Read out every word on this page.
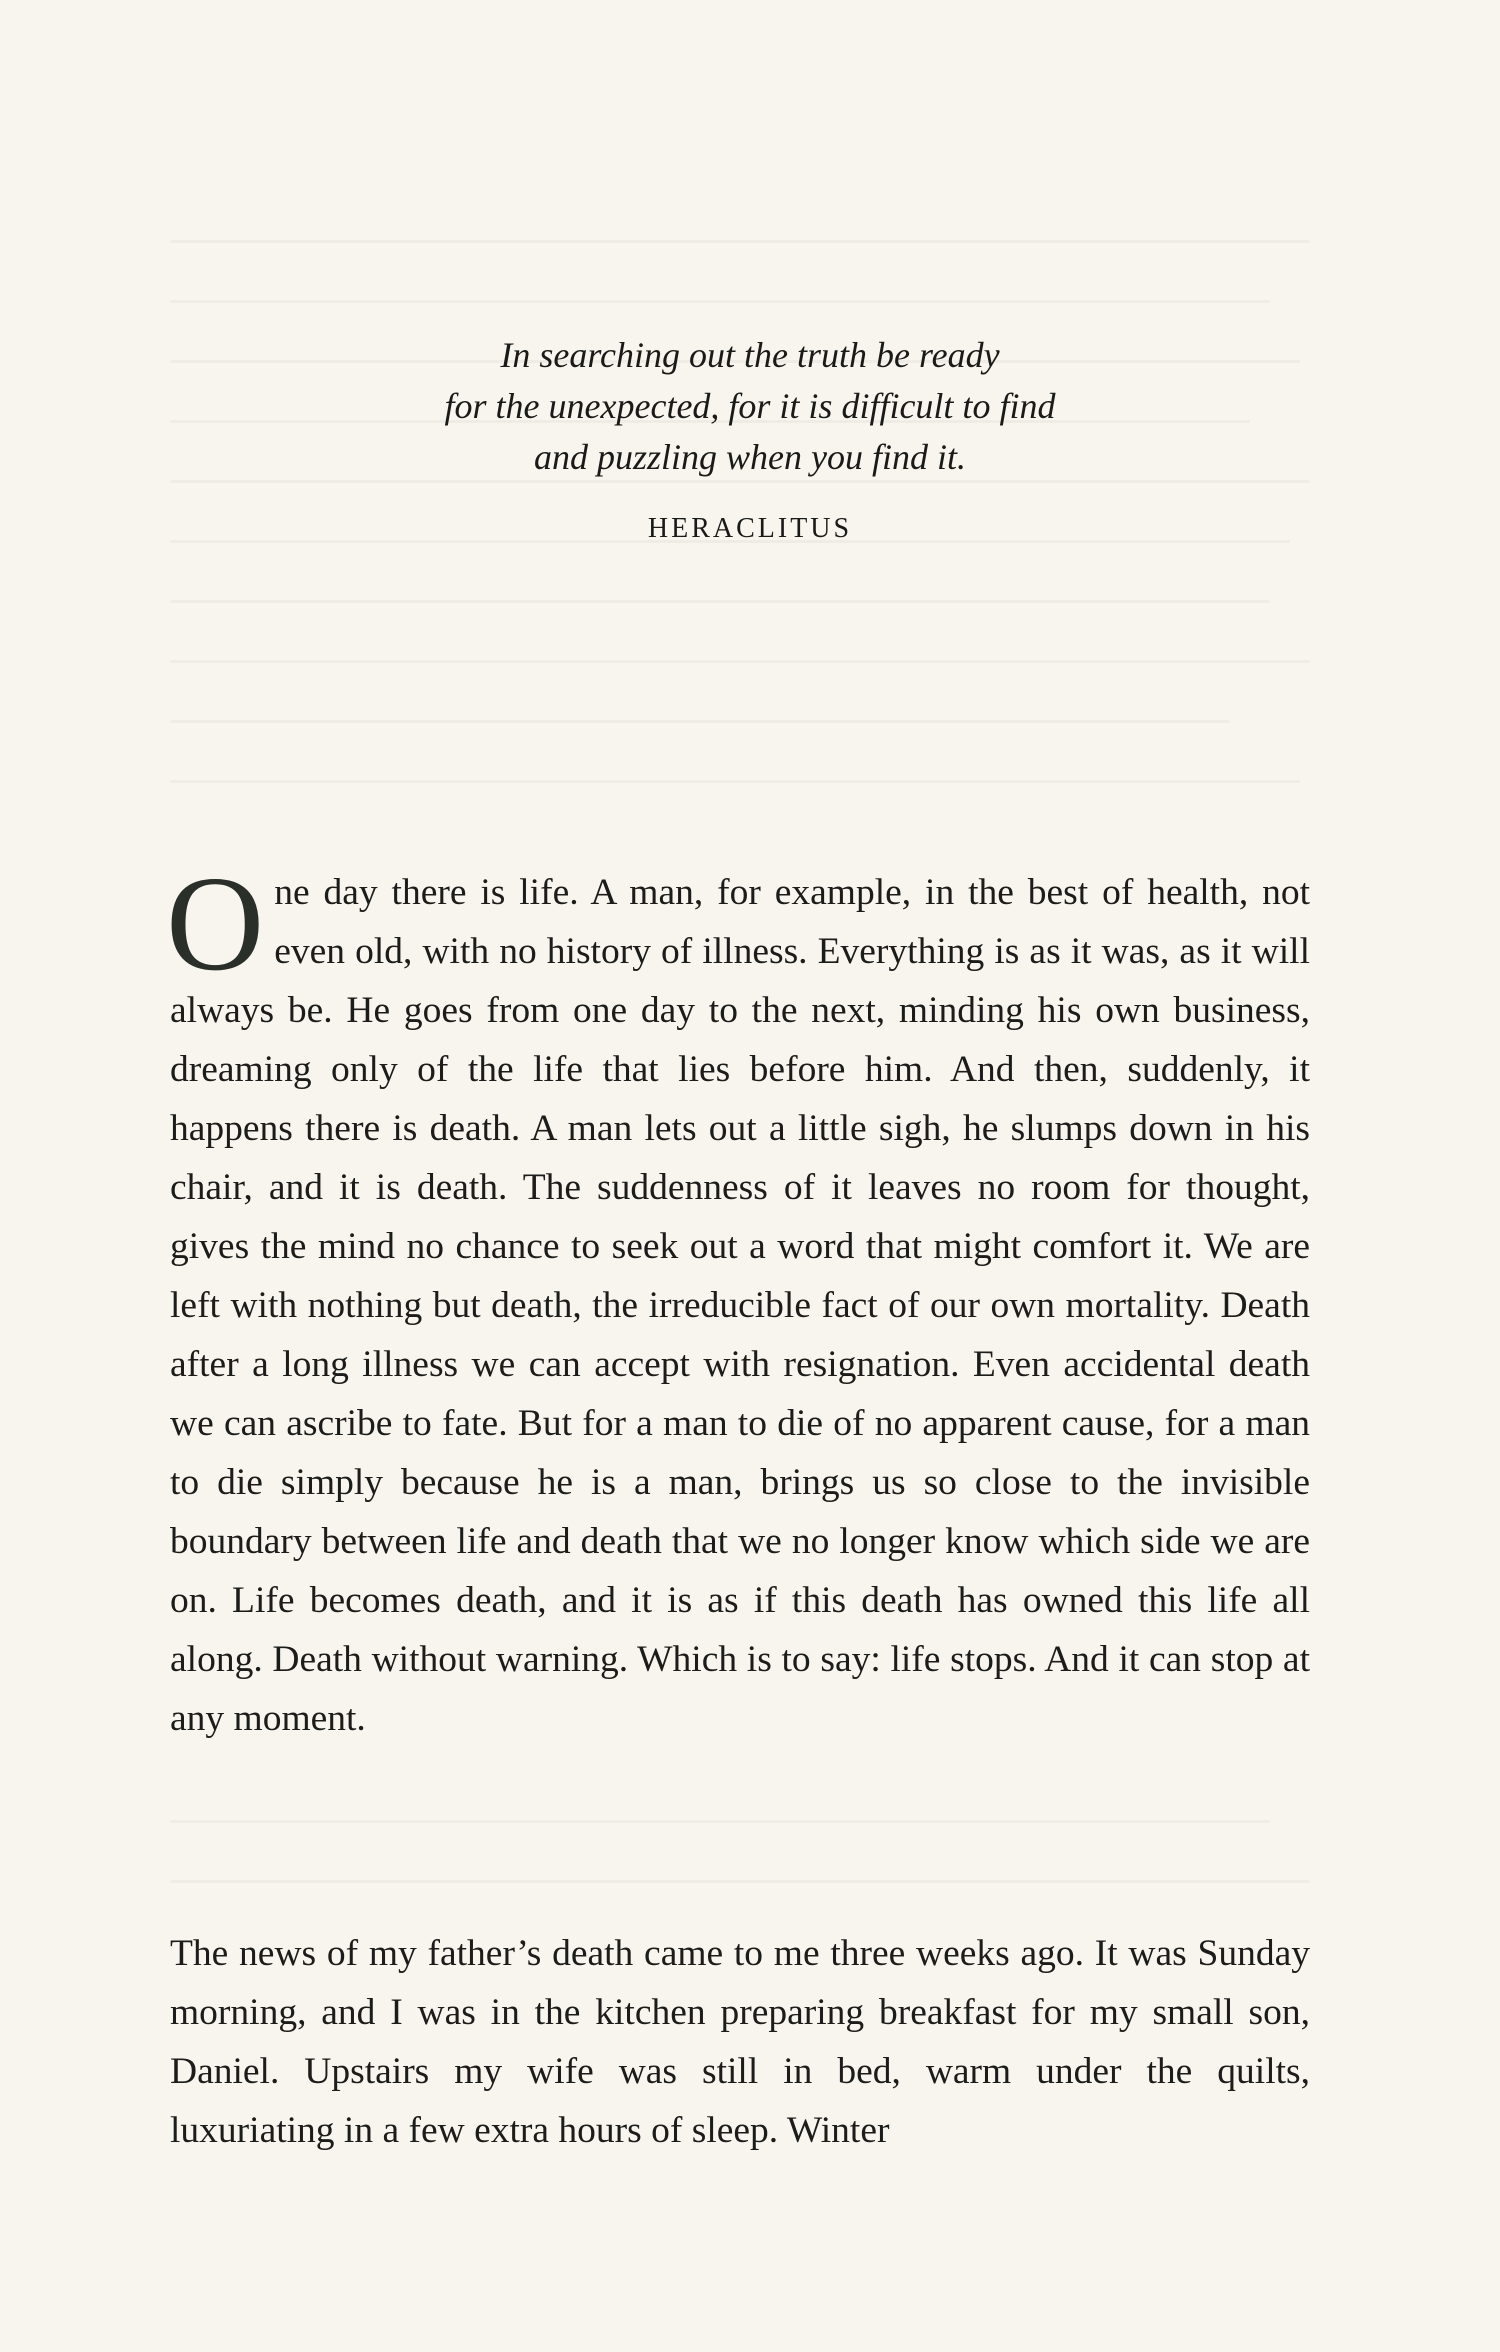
In searching out the truth be ready
for the unexpected, for it is difficult to find
and puzzling when you find it.
HERACLITUS
One day there is life. A man, for example, in the best of health, not even old, with no history of illness. Everything is as it was, as it will always be. He goes from one day to the next, minding his own business, dreaming only of the life that lies before him. And then, suddenly, it happens there is death. A man lets out a little sigh, he slumps down in his chair, and it is death. The suddenness of it leaves no room for thought, gives the mind no chance to seek out a word that might comfort it. We are left with nothing but death, the irreducible fact of our own mortality. Death after a long illness we can accept with resignation. Even accidental death we can ascribe to fate. But for a man to die of no apparent cause, for a man to die simply because he is a man, brings us so close to the invisible boundary between life and death that we no longer know which side we are on. Life becomes death, and it is as if this death has owned this life all along. Death without warning. Which is to say: life stops. And it can stop at any moment.
The news of my father’s death came to me three weeks ago. It was Sunday morning, and I was in the kitchen preparing breakfast for my small son, Daniel. Upstairs my wife was still in bed, warm under the quilts, luxuriating in a few extra hours of sleep. Winter
